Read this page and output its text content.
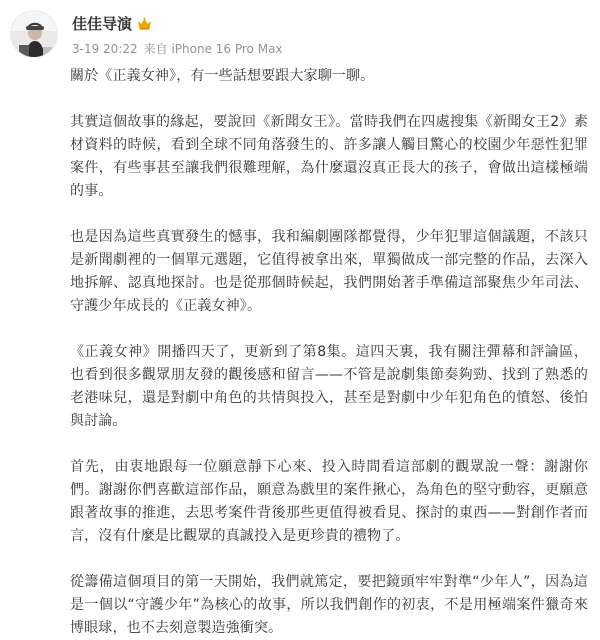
佳佳导演
3-19 20:22 来自 iPhone 16 Pro Max

關於《正義女神》，有一些話想要跟大家聊一聊。

其實這個故事的緣起，要說回《新聞女王》。當時我們在四處搜集《新聞女王2》素材資料的時候，看到全球不同角落發生的、許多讓人觸目驚心的校園少年惡性犯罪案件，有些事甚至讓我們很難理解，為什麼還沒真正長大的孩子，會做出這樣極端的事。

也是因為這些真實發生的憾事，我和編劇團隊都覺得，少年犯罪這個議題，不該只是新聞劇裡的一個單元選題，它值得被拿出來，單獨做成一部完整的作品，去深入地拆解、認真地探討。也是從那個時候起，我們開始著手準備這部聚焦少年司法、守護少年成長的《正義女神》。

《正義女神》開播四天了，更新到了第8集。這四天裏，我有關注彈幕和評論區，也看到很多觀眾朋友發的觀後感和留言——不管是說劇集節奏夠勁、找到了熟悉的老港味兒，還是對劇中角色的共情與投入，甚至是對劇中少年犯角色的憤怒、後怕與討論。

首先，由衷地跟每一位願意靜下心來、投入時間看這部劇的觀眾說一聲：謝謝你們。謝謝你們喜歡這部作品，願意為戲里的案件揪心，為角色的堅守動容，更願意跟著故事的推進，去思考案件背後那些更值得被看見、探討的東西——對創作者而言，沒有什麼是比觀眾的真誠投入是更珍貴的禮物了。

從籌備這個項目的第一天開始，我們就篤定，要把鏡頭牢牢對準“少年人”，因為這是一個以“守護少年”為核心的故事，所以我們創作的初衷，不是用極端案件獵奇來博眼球，也不去刻意製造強衝突。
